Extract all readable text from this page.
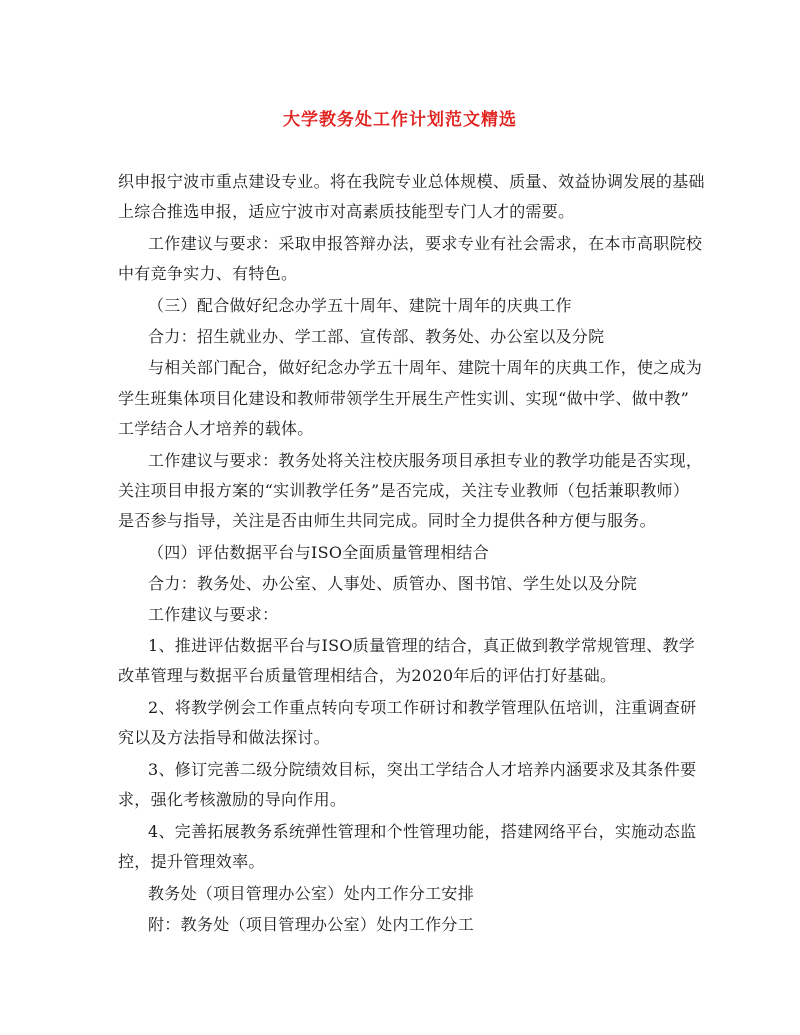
大学教务处工作计划范文精选
织申报宁波市重点建设专业。将在我院专业总体规模、质量、效益协调发展的基础
上综合推选申报，适应宁波市对高素质技能型专门人才的需要。
工作建议与要求：采取申报答辩办法，要求专业有社会需求，在本市高职院校
中有竞争实力、有特色。
（三）配合做好纪念办学五十周年、建院十周年的庆典工作
合力：招生就业办、学工部、宣传部、教务处、办公室以及分院
与相关部门配合，做好纪念办学五十周年、建院十周年的庆典工作，使之成为
学生班集体项目化建设和教师带领学生开展生产性实训、实现“做中学、做中教”
工学结合人才培养的载体。
工作建议与要求：教务处将关注校庆服务项目承担专业的教学功能是否实现，
关注项目申报方案的“实训教学任务”是否完成，关注专业教师（包括兼职教师）
是否参与指导，关注是否由师生共同完成。同时全力提供各种方便与服务。
（四）评估数据平台与ISO全面质量管理相结合
合力：教务处、办公室、人事处、质管办、图书馆、学生处以及分院
工作建议与要求：
1、推进评估数据平台与ISO质量管理的结合，真正做到教学常规管理、教学
改革管理与数据平台质量管理相结合，为2020年后的评估打好基础。
2、将教学例会工作重点转向专项工作研讨和教学管理队伍培训，注重调查研
究以及方法指导和做法探讨。
3、修订完善二级分院绩效目标，突出工学结合人才培养内涵要求及其条件要
求，强化考核激励的导向作用。
4、完善拓展教务系统弹性管理和个性管理功能，搭建网络平台，实施动态监
控，提升管理效率。
教务处（项目管理办公室）处内工作分工安排
附：教务处（项目管理办公室）处内工作分工
